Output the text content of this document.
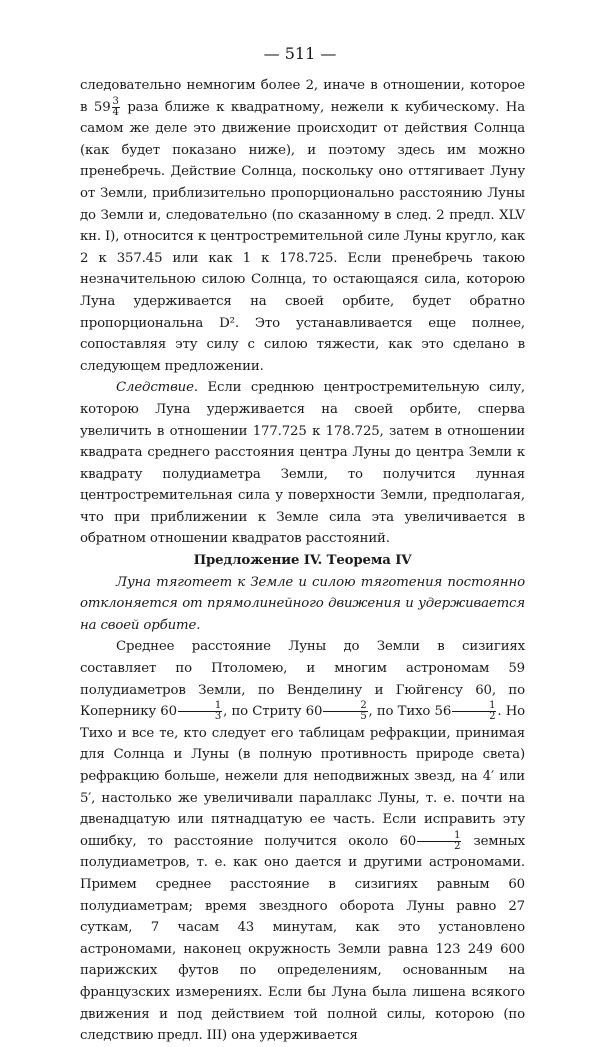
— 511 —

следовательно немногим более 2, иначе в отношении, которое в $59 \frac{3}{4}$ раза ближе к квадратному, нежели к кубическому. На самом же деле это движение происходит от действия Солнца (как будет показано ниже), и поэтому здесь им можно пренебречь. Действие Солнца, поскольку оно оттягивает Луну от Земли, приблизительно пропорционально расстоянию Луны до Земли и, следовательно (по сказанному в след. 2 предл. XLV кн. I), относится к центростремительной силе Луны кругло, как 2 к 357.45 или как 1 к 178.725. Если пренебречь такою незначительною силою Солнца, то остающаяся сила, которою Луна удерживается на своей орбите, будет обратно пропорциональна D². Это устанавливается еще полнее, сопоставляя эту силу с силою тяжести, как это сделано в следующем предложении.

Следствие. Если среднюю центростремительную силу, которою Луна удерживается на своей орбите, сперва увеличить в отношении 177.725 к 178.725, затем в отношении квадрата среднего расстояния центра Луны до центра Земли к квадрату полудиаметра Земли, то получится лунная центростремительная сила у поверхности Земли, предполагая, что при приближении к Земле сила эта увеличивается в обратном отношении квадратов расстояний.

Предложение IV. Теорема IV

Луна тяготеет к Земле и силою тяготения постоянно отклоняется от прямолинейного движения и удерживается на своей орбите.

Среднее расстояние Луны до Земли в сизигиях составляет по Птоломею, и многим астрономам 59 полудиаметров Земли, по Венделину и Гюйгенсу 60, по Копернику $60 \frac{1}{3}$ , по Стриту $60 \frac{2}{5}$ , по Тихо $56 \frac{1}{2}$ . Но Тихо и все те, кто следует его таблицам рефракции, принимая для Солнца и Луны (в полную противность природе света) рефракцию большe, нежели для неподвижных звезд, на 4′ или 5′, настолько же увеличивали параллакс Луны, т. е. почти на двенадцатую или пятнадцатую ее часть. Если исправить эту ошибку, то расстояние получится около $60 \frac{1}{2}$ земных полудиаметров, т. е. как оно дается и другими астрономами. Примем среднее расстояние в сизигиях равным 60 полудиаметрам; время звездного оборота Луны равно 27 суткам, 7 часам 43 минутам, как это установлено астрономами, наконец окружность Земли равна 123 249 600 парижских футов по определениям, основанным на французских измерениях. Если бы Луна была лишена всякого движения и под действием той полной силы, которою (по следствию предл. III) она удерживается
